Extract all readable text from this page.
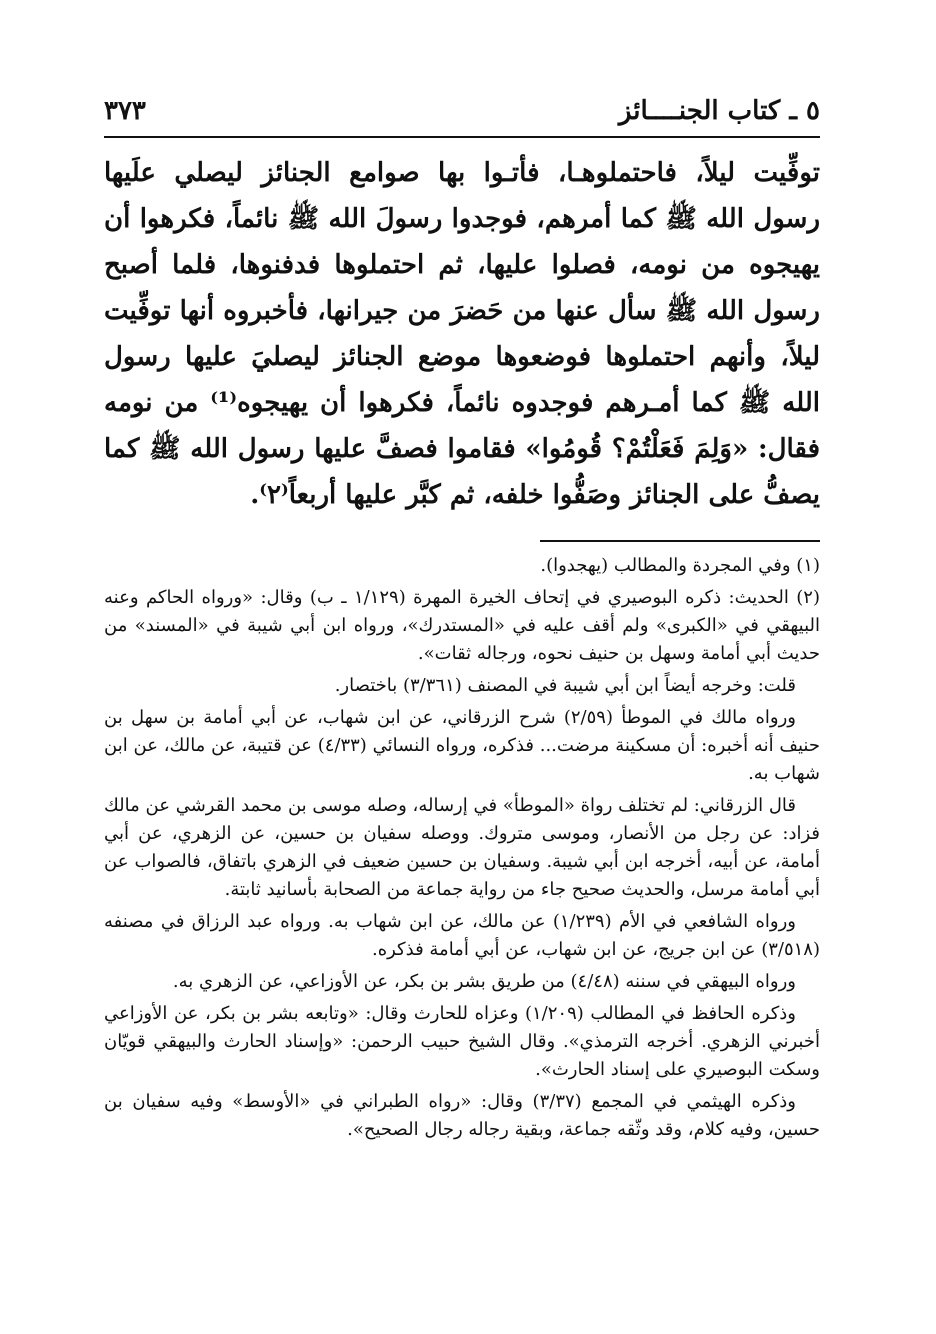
٥ ـ كتاب الجنــــائز
٣٧٣

توفِّيت ليلاً، فاحتملوهـا، فأتـوا بها صوامع الجنائز ليصلي علَيها رسول الله ﷺ كما أمرهم، فوجدوا رسولَ الله ﷺ نائماً، فكرهوا أن يهيجوه من نومه، فصلوا عليها، ثم احتملوها فدفنوها، فلما أصبح رسول الله ﷺ سأل عنها من حَضرَ من جيرانها، فأخبروه أنها توفِّيت ليلاً، وأنهم احتملوها فوضعوها موضع الجنائز ليصليَ عليها رسول الله ﷺ كما أمـرهم فوجدوه نائماً، فكرهوا أن يهيجوه⁽¹⁾ من نومه فقال: «وَلِمَ فَعَلْتُمْ؟ قُومُوا» فقاموا فصفَّ عليها رسول الله ﷺ كما يصفُّ على الجنائز وصَفُّوا خلفه، ثم كبَّر عليها أربعاً⁽٢⁾.

(١) وفي المجردة والمطالب (يهجدوا).

(٢) الحديث: ذكره البوصيري في إتحاف الخيرة المهرة (١/١٢٩ ـ ب) وقال: «ورواه الحاكم وعنه البيهقي في «الكبرى» ولم أقف عليه في «المستدرك»، ورواه ابن أبي شيبة في «المسند» من حديث أبي أمامة وسهل بن حنيف نحوه، ورجاله ثقات».

قلت: وخرجه أيضاً ابن أبي شيبة في المصنف (٣/٣٦١) باختصار.

ورواه مالك في الموطأ (٢/٥٩) شرح الزرقاني، عن ابن شهاب، عن أبي أمامة بن سهل بن حنيف أنه أخبره: أن مسكينة مرضت... فذكره، ورواه النسائي (٤/٣٣) عن قتيبة، عن مالك، عن ابن شهاب به.

قال الزرقاني: لم تختلف رواة «الموطأ» في إرساله، وصله موسى بن محمد القرشي عن مالك فزاد: عن رجل من الأنصار، وموسى متروك. ووصله سفيان بن حسين، عن الزهري، عن أبي أمامة، عن أبيه، أخرجه ابن أبي شيبة. وسفيان بن حسين ضعيف في الزهري باتفاق، فالصواب عن أبي أمامة مرسل، والحديث صحيح جاء من رواية جماعة من الصحابة بأسانيد ثابتة.

ورواه الشافعي في الأم (١/٢٣٩) عن مالك، عن ابن شهاب به. ورواه عبد الرزاق في مصنفه (٣/٥١٨) عن ابن جريج، عن ابن شهاب، عن أبي أمامة فذكره.

ورواه البيهقي في سننه (٤/٤٨) من طريق بشر بن بكر، عن الأوزاعي، عن الزهري به.

وذكره الحافظ في المطالب (١/٢٠٩) وعزاه للحارث وقال: «وتابعه بشر بن بكر، عن الأوزاعي أخبرني الزهري. أخرجه الترمذي». وقال الشيخ حبيب الرحمن: «وإسناد الحارث والبيهقي قويّان وسكت البوصيري على إسناد الحارث».

وذكره الهيثمي في المجمع (٣/٣٧) وقال: «رواه الطبراني في «الأوسط» وفيه سفيان بن حسين، وفيه كلام، وقد وثّقه جماعة، وبقية رجاله رجال الصحيح».
